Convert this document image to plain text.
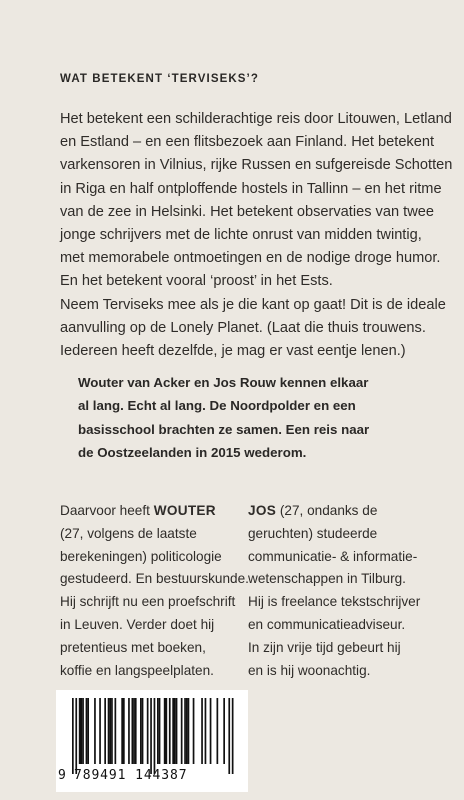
WAT BETEKENT ‘TERVISEKS’?
Het betekent een schilderachtige reis door Litouwen, Letland
en Estland – en een flitsbezoek aan Finland. Het betekent
varkensoren in Vilnius, rijke Russen en sufgereisde Schotten
in Riga en half ontploffende hostels in Tallinn – en het ritme
van de zee in Helsinki. Het betekent observaties van twee
jonge schrijvers met de lichte onrust van midden twintig,
met memorabele ontmoetingen en de nodige droge humor.
En het betekent vooral ‘proost’ in het Ests.
Neem Terviseks mee als je die kant op gaat! Dit is de ideale
aanvulling op de Lonely Planet. (Laat die thuis trouwens.
Iedereen heeft dezelfde, je mag er vast eentje lenen.)
Wouter van Acker en Jos Rouw kennen elkaar
al lang. Echt al lang. De Noordpolder en een
basisschool brachten ze samen. Een reis naar
de Oostzeelanden in 2015 wederom.
Daarvoor heeft WOUTER
(27, volgens de laatste
berekeningen) politicologie
gestudeerd. En bestuurskunde.
Hij schrijft nu een proefschrift
in Leuven. Verder doet hij
pretentieus met boeken,
koffie en langspeelplaten.
JOS (27, ondanks de
geruchten) studeerde
communicatie- & informatie-
wetenschappen in Tilburg.
Hij is freelance tekstschrijver
en communicatieadviseur.
In zijn vrije tijd gebeurt hij
en is hij woonachtig.
9 789491 144387
